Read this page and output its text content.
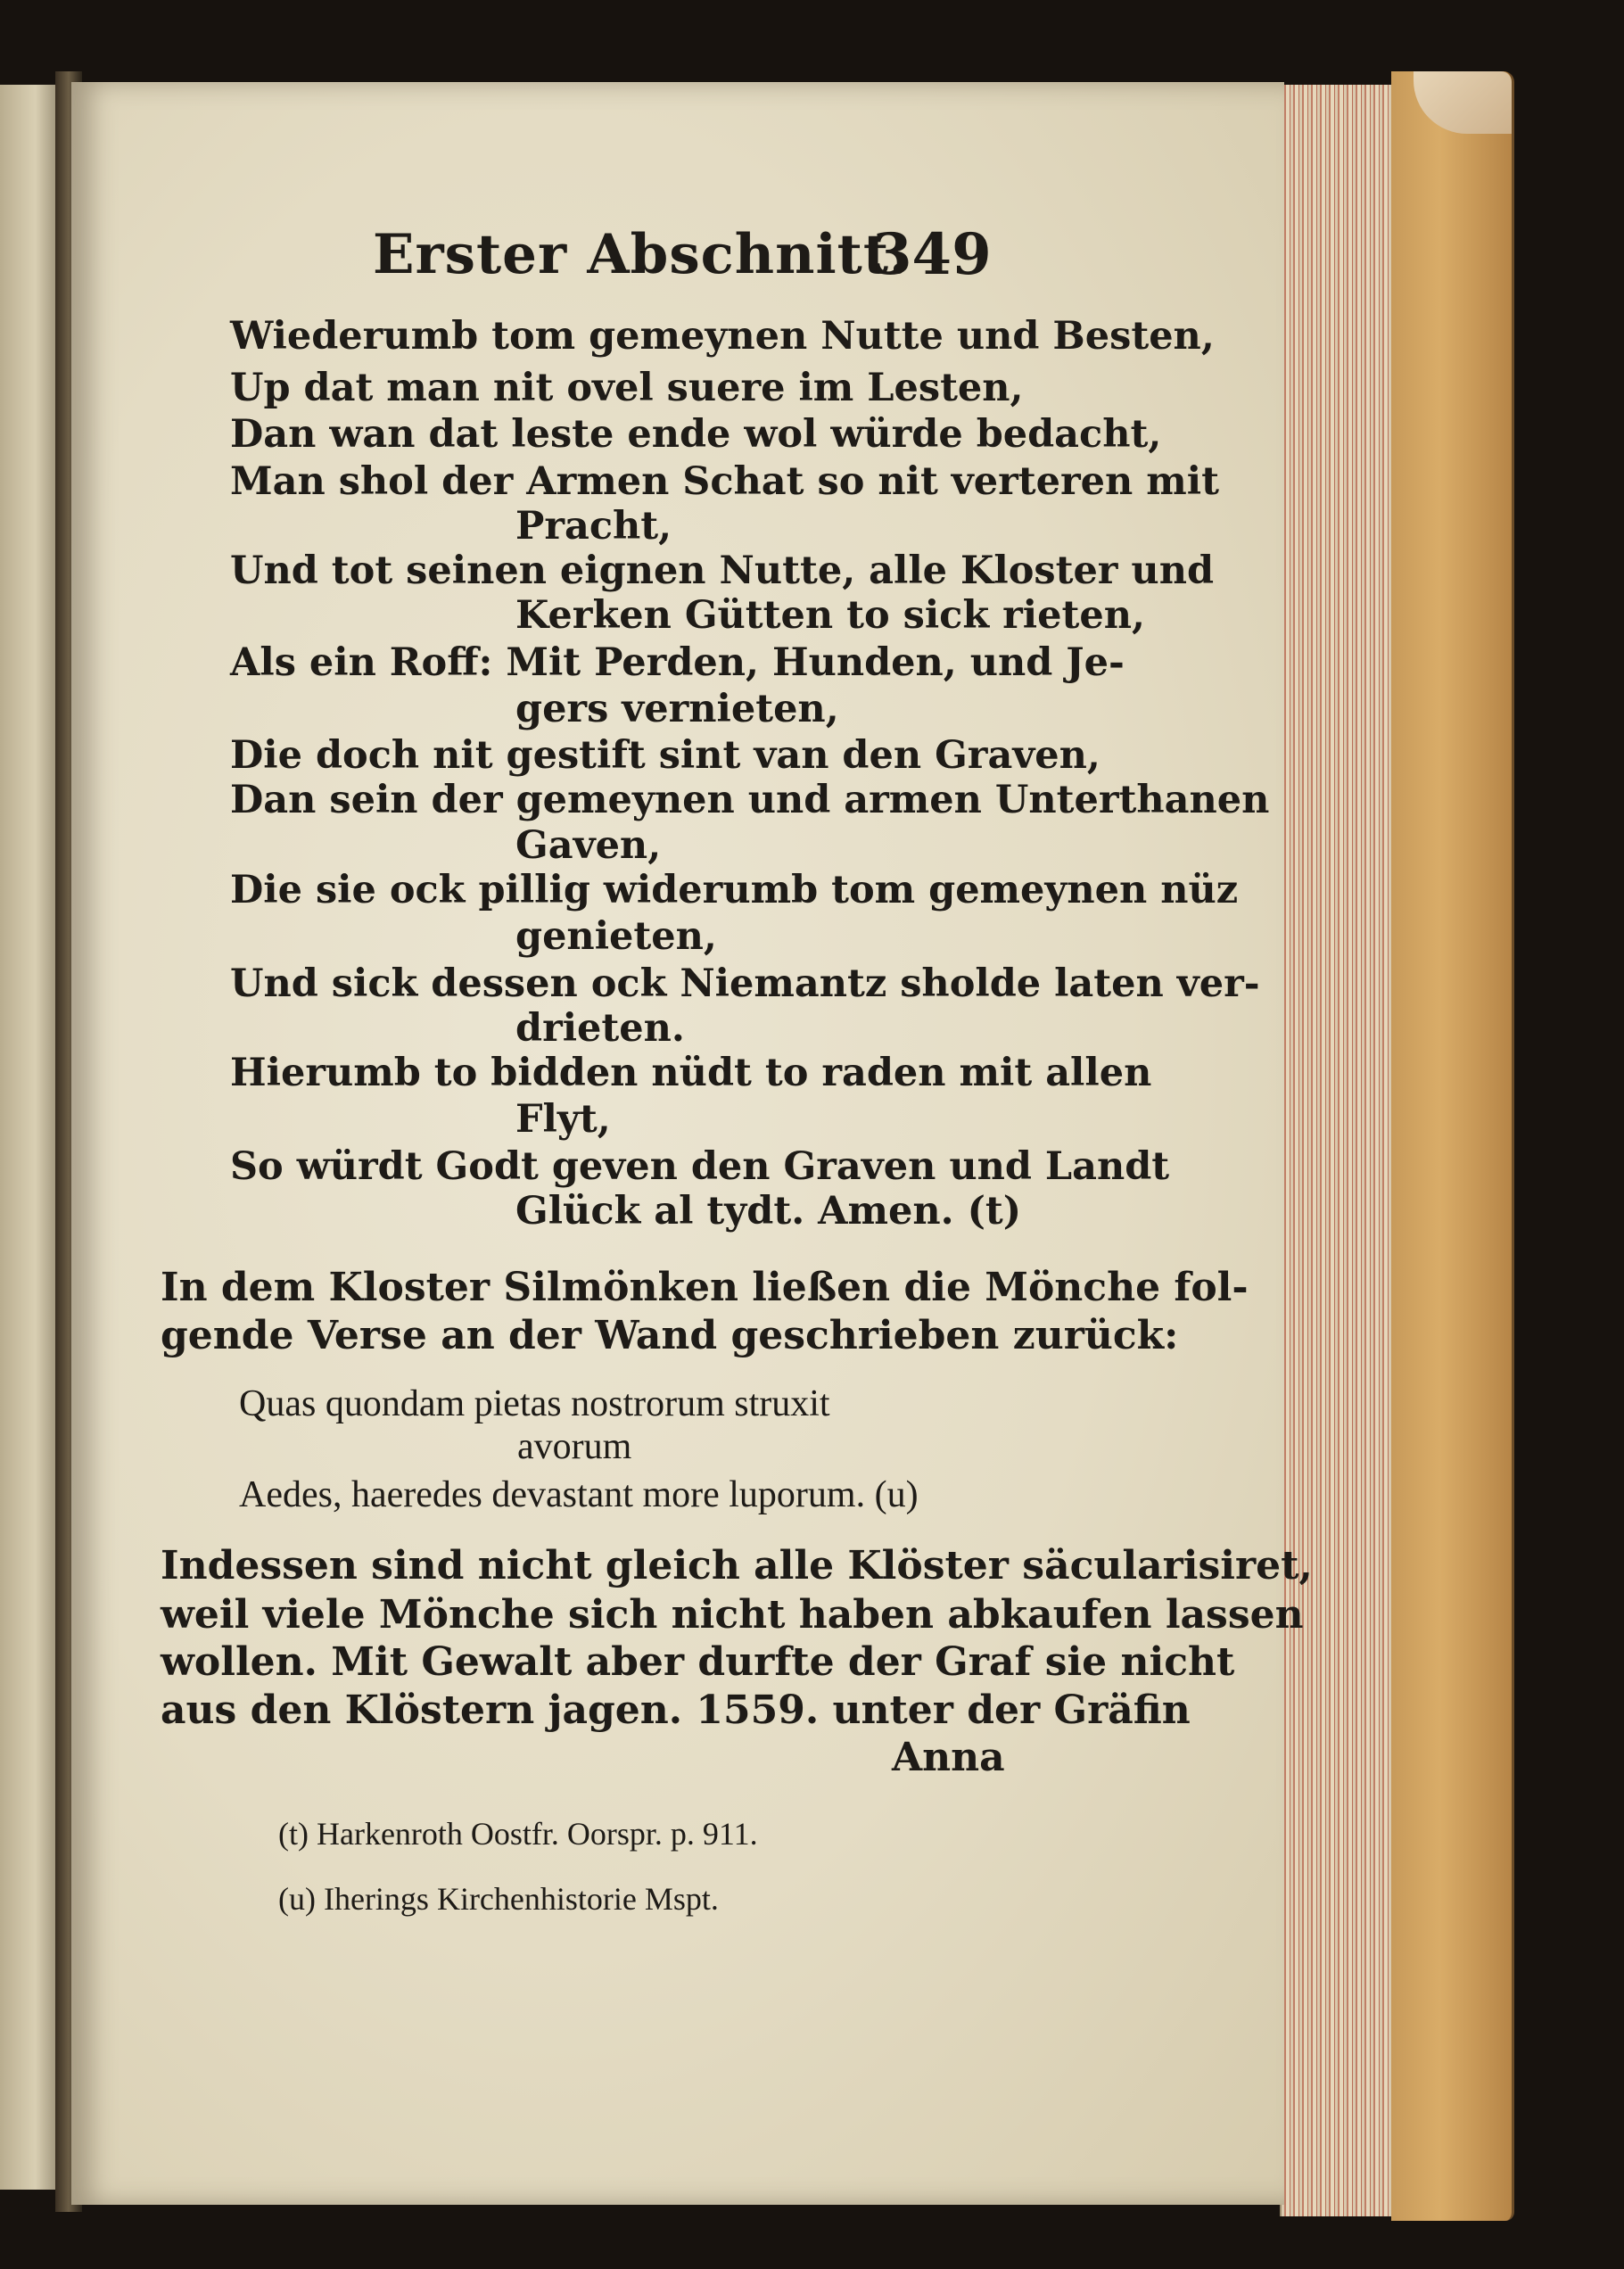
Erster Abschnitt.
349
Wiederumb tom gemeynen Nutte und Besten,
Up dat man nit ovel suere im Lesten,
Dan wan dat leste ende wol würde bedacht,
Man shol der Armen Schat so nit verteren mit
Pracht,
Und tot seinen eignen Nutte, alle Kloster und
Kerken Gütten to sick rieten,
Als ein Roff: Mit Perden, Hunden, und Je-
gers vernieten,
Die doch nit gestift sint van den Graven,
Dan sein der gemeynen und armen Unterthanen
Gaven,
Die sie ock pillig widerumb tom gemeynen nüz
genieten,
Und sick dessen ock Niemantz sholde laten ver-
drieten.
Hierumb to bidden nüdt to raden mit allen
Flyt,
So würdt Godt geven den Graven und Landt
Glück al tydt. Amen. (t)
In dem Kloster Silmönken ließen die Mönche fol-
gende Verse an der Wand geschrieben zurück:
Quas quondam pietas nostrorum struxit
avorum
Aedes, haeredes devastant more luporum. (u)
Indessen sind nicht gleich alle Klöster säcularisiret,
weil viele Mönche sich nicht haben abkaufen lassen
wollen. Mit Gewalt aber durfte der Graf sie nicht
aus den Klöstern jagen. 1559. unter der Gräfin
Anna
(t) Harkenroth Oostfr. Oorspr. p. 911.
(u) Iherings Kirchenhistorie Mspt.
